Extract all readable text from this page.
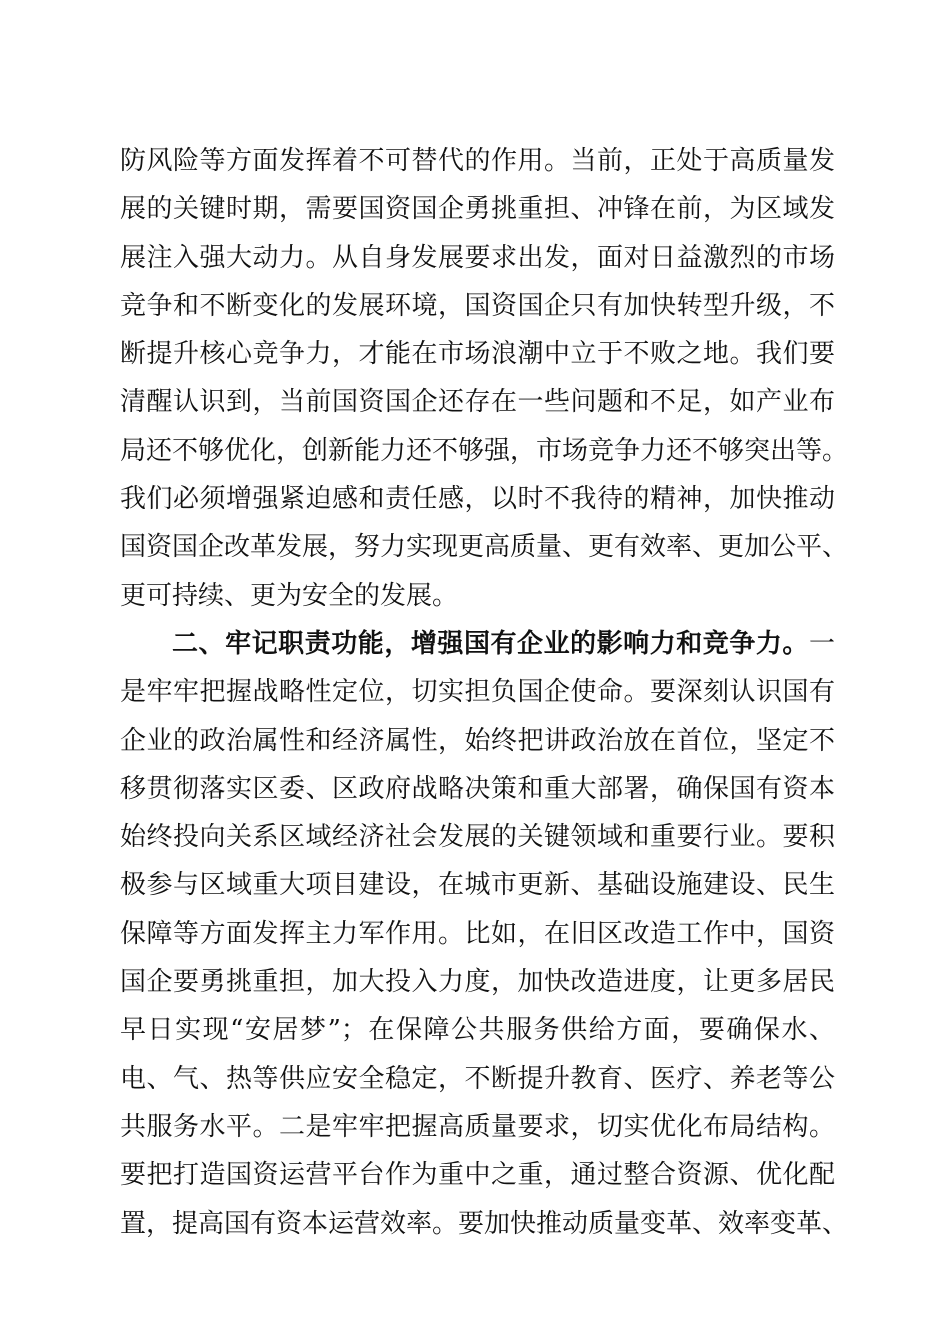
防风险等方面发挥着不可替代的作用。当前，正处于高质量发
展的关键时期，需要国资国企勇挑重担、冲锋在前，为区域发
展注入强大动力。从自身发展要求出发，面对日益激烈的市场
竞争和不断变化的发展环境，国资国企只有加快转型升级，不
断提升核心竞争力，才能在市场浪潮中立于不败之地。我们要
清醒认识到，当前国资国企还存在一些问题和不足，如产业布
局还不够优化，创新能力还不够强，市场竞争力还不够突出等。
我们必须增强紧迫感和责任感，以时不我待的精神，加快推动
国资国企改革发展，努力实现更高质量、更有效率、更加公平、
更可持续、更为安全的发展。
二、牢记职责功能，增强国有企业的影响力和竞争力。一
是牢牢把握战略性定位，切实担负国企使命。要深刻认识国有
企业的政治属性和经济属性，始终把讲政治放在首位，坚定不
移贯彻落实区委、区政府战略决策和重大部署，确保国有资本
始终投向关系区域经济社会发展的关键领域和重要行业。要积
极参与区域重大项目建设，在城市更新、基础设施建设、民生
保障等方面发挥主力军作用。比如，在旧区改造工作中，国资
国企要勇挑重担，加大投入力度，加快改造进度，让更多居民
早日实现“安居梦”；在保障公共服务供给方面，要确保水、
电、气、热等供应安全稳定，不断提升教育、医疗、养老等公
共服务水平。二是牢牢把握高质量要求，切实优化布局结构。
要把打造国资运营平台作为重中之重，通过整合资源、优化配
置，提高国有资本运营效率。要加快推动质量变革、效率变革、
